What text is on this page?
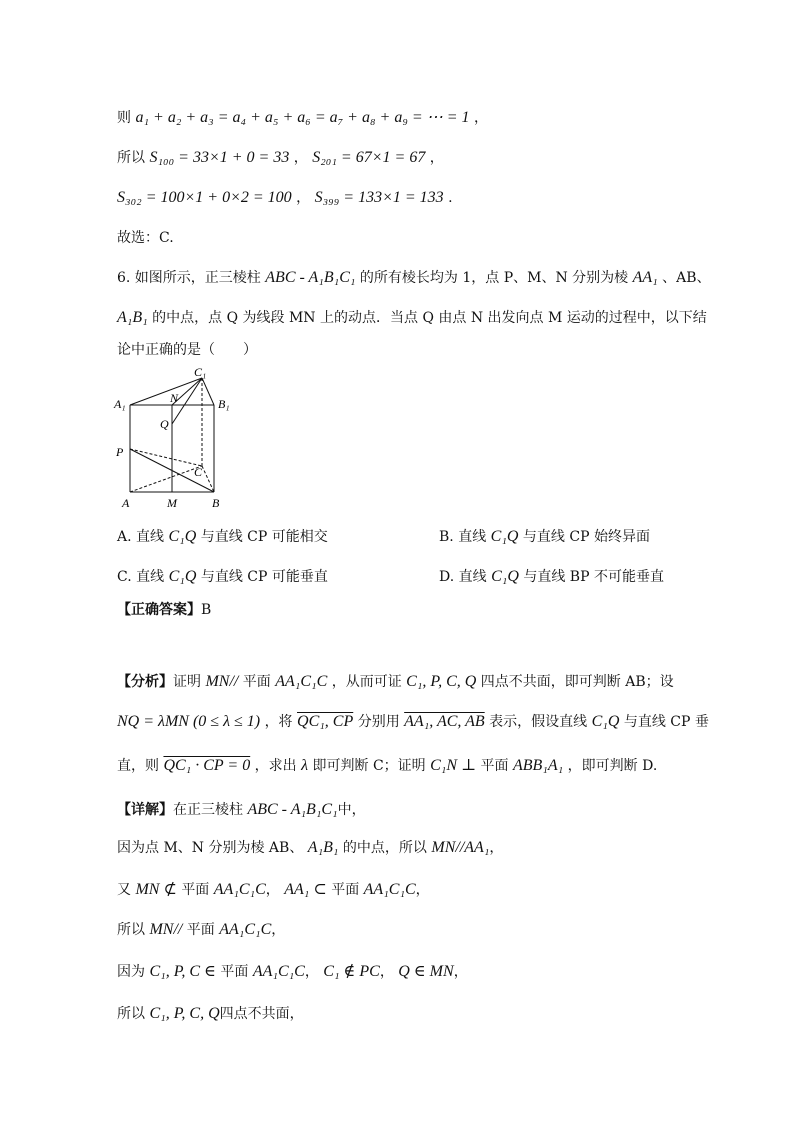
则 a₁ + a₂ + a₃ = a₄ + a₅ + a₆ = a₇ + a₈ + a₉ = ⋯ = 1 ，
所以 S₁₀₀ = 33×1 + 0 = 33 ， S₂₀₁ = 67×1 = 67 ，
S₃₀₂ = 100×1 + 0×2 = 100 ， S₃₉₉ = 133×1 = 133 .
故选：C.
6. 如图所示，正三棱柱 ABC - A₁B₁C₁ 的所有棱长均为 1，点 P、M、N 分别为棱 AA₁ 、AB、
A₁B₁ 的中点，点 Q 为线段 MN 上的动点．当点 Q 由点 N 出发向点 M 运动的过程中，以下结
论中正确的是（　　）
C₁
A₁	B₁
N
Q
P
C
A	M	B
A. 直线 C₁Q 与直线 CP 可能相交	B. 直线 C₁Q 与直线 CP 始终异面
C. 直线 C₁Q 与直线 CP 可能垂直	D. 直线 C₁Q 与直线 BP 不可能垂直
【正确答案】B
【分析】证明 MN// 平面 AA₁C₁C ，从而可证 C₁, P, C, Q 四点不共面，即可判断 AB；设
NQ = λMN (0 ≤ λ ≤ 1) ，将 QC₁, CP 分别用 AA₁, AC, AB 表示，假设直线 C₁Q 与直线 CP 垂
直，则 QC₁ · CP = 0 ，求出 λ 即可判断 C；证明 C₁N ⊥ 平面 ABB₁A₁ ，即可判断 D.
【详解】在正三棱柱 ABC - A₁B₁C₁中，
因为点 M、N 分别为棱 AB、 A₁B₁ 的中点，所以 MN//AA₁，
又 MN ⊄ 平面 AA₁C₁C， AA₁ ⊂ 平面 AA₁C₁C，
所以 MN// 平面 AA₁C₁C，
因为 C₁, P, C ∈ 平面 AA₁C₁C， C₁ ∉ PC， Q ∈ MN，
所以 C₁, P, C, Q四点不共面，
